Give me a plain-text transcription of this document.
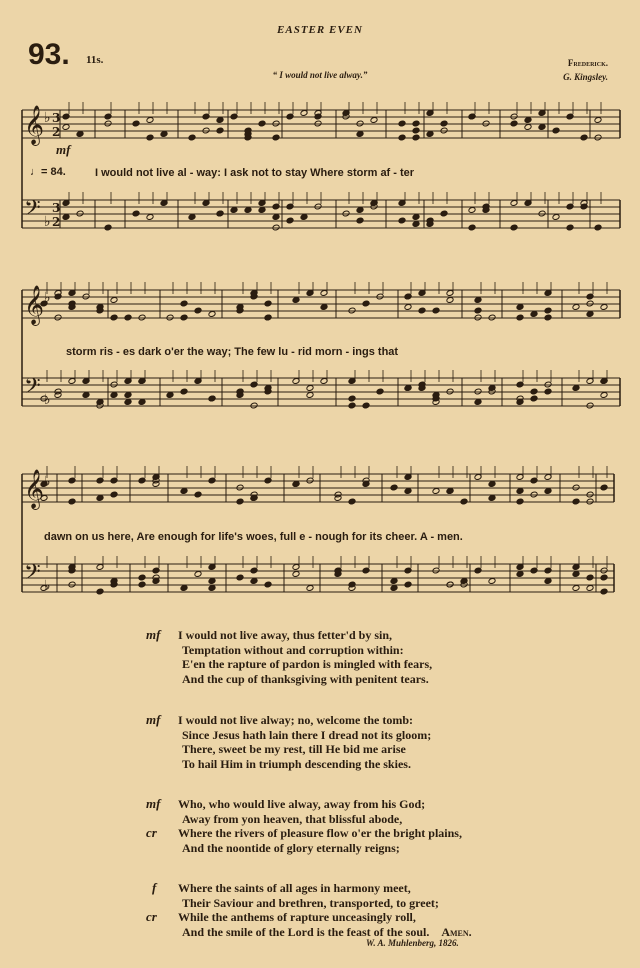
EASTER EVEN
93. 11s.
“ I would not live alway.”
Frederick.
G. Kingsley.
𝄞 ♭
𝄢 ♭
𝄞 ♭
𝄢 ♭
𝄞 ♭
𝄢 ♭
3
2
3
2
mf
♩= 84.	I would not live al - way: I ask not to stay Where storm af - ter
storm ris - es dark o'er the way; The few lu - rid morn - ings that
dawn on us here, Are enough for life's woes, full e - nough for its cheer. A - men.
mf I would not live away, thus fetter'd by sin,
Temptation without and corruption within:
E'en the rapture of pardon is mingled with fears,
And the cup of thanksgiving with penitent tears.
mf I would not live alway; no, welcome the tomb:
Since Jesus hath lain there I dread not its gloom;
There, sweet be my rest, till He bid me arise
To hail Him in triumph descending the skies.
mf
cr
Who, who would live alway, away from his God;
Away from yon heaven, that blissful abode,
Where the rivers of pleasure flow o'er the bright plains,
And the noontide of glory eternally reigns;
f
cr
Where the saints of all ages in harmony meet,
Their Saviour and brethren, transported, to greet;
While the anthems of rapture unceasingly roll,
And the smile of the Lord is the feast of the soul. Amen.
W. A. Muhlenberg, 1826.
